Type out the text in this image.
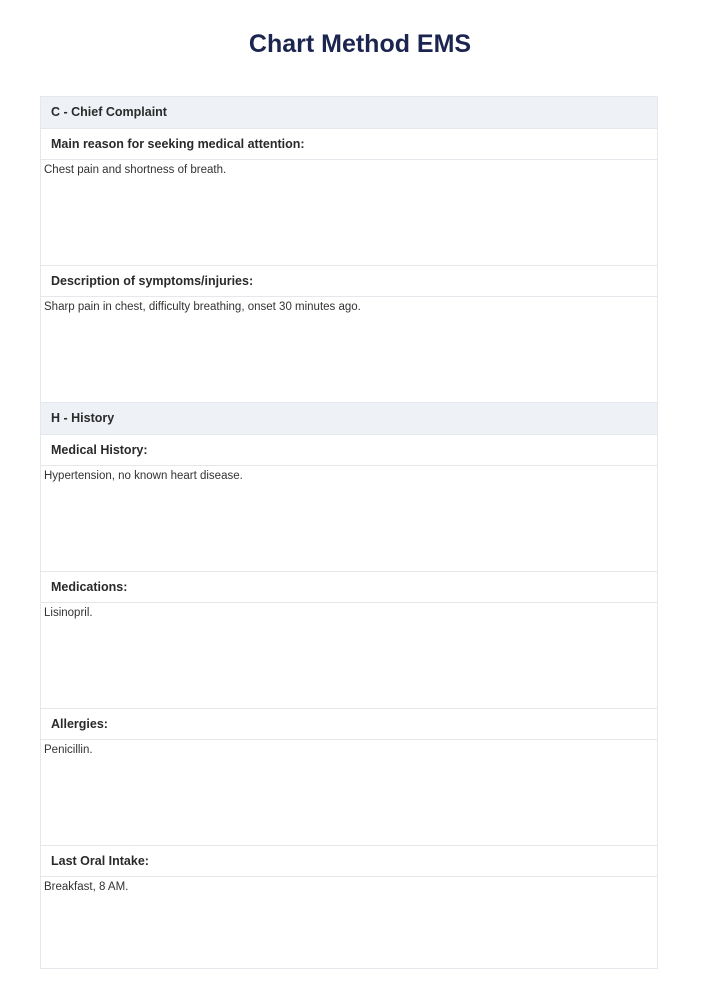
Chart Method EMS
C - Chief Complaint
Main reason for seeking medical attention:
Chest pain and shortness of breath.
Description of symptoms/injuries:
Sharp pain in chest, difficulty breathing, onset 30 minutes ago.
H - History
Medical History:
Hypertension, no known heart disease.
Medications:
Lisinopril.
Allergies:
Penicillin.
Last Oral Intake:
Breakfast, 8 AM.
